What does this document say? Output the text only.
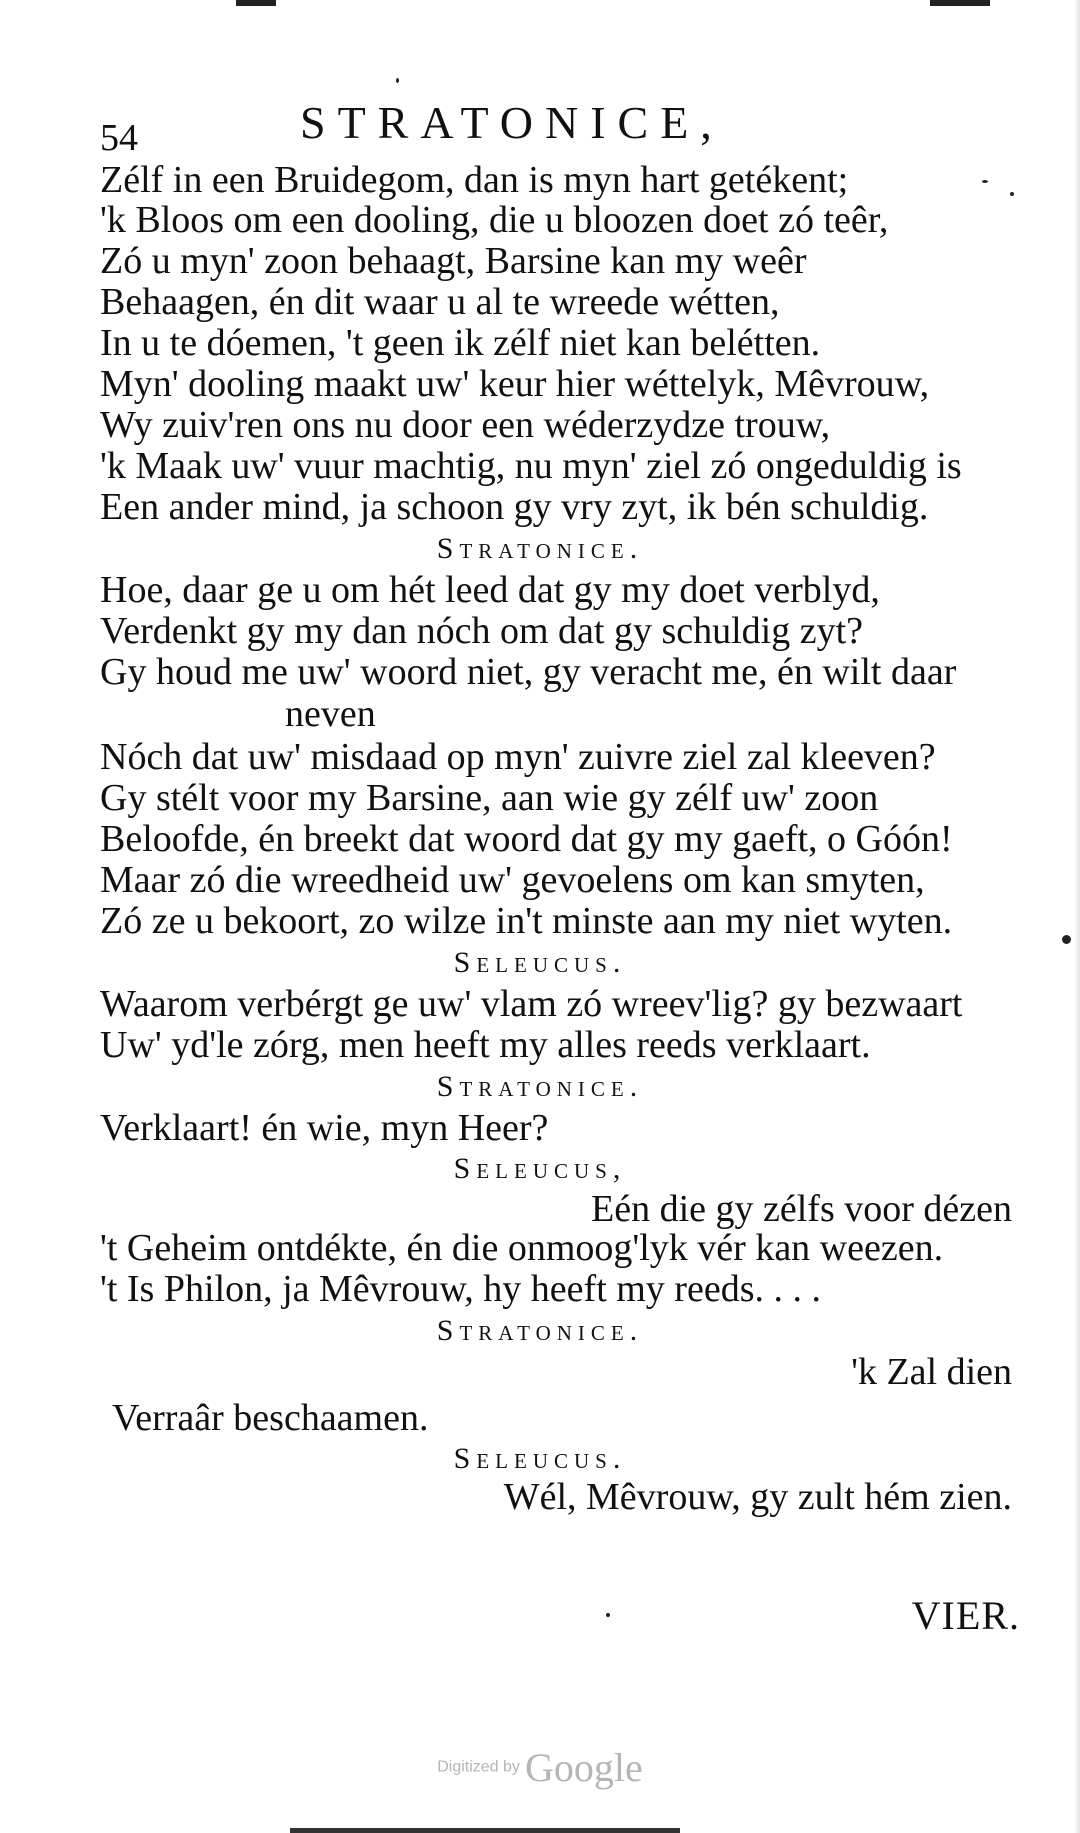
54	STRATONICE,
Zélf in een Bruidegom, dan is myn hart getékent;
'k Bloos om een dooling, die u bloozen doet zó teêr,
Zó u myn' zoon behaagt, Barsine kan my weêr
Behaagen, én dit waar u al te wreede wétten,
In u te dóemen, 't geen ik zélf niet kan belétten.
Myn' dooling maakt uw' keur hier wéttelyk, Mêvrouw,
Wy zuiv'ren ons nu door een wéderzydze trouw,
'k Maak uw' vuur machtig, nu myn' ziel zó ongeduldig is
Een ander mind, ja schoon gy vry zyt, ik bén schuldig.
Stratonice.
Hoe, daar ge u om hét leed dat gy my doet verblyd,
Verdenkt gy my dan nóch om dat gy schuldig zyt?
Gy houd me uw' woord niet, gy veracht me, én wilt daar
neven
Nóch dat uw' misdaad op myn' zuivre ziel zal kleeven?
Gy stélt voor my Barsine, aan wie gy zélf uw' zoon
Beloofde, én breekt dat woord dat gy my gaeft, o Góón!
Maar zó die wreedheid uw' gevoelens om kan smyten,
Zó ze u bekoort, zo wilze in't minste aan my niet wyten.
Seleucus.
Waarom verbérgt ge uw' vlam zó wreev'lig? gy bezwaart
Uw' yd'le zórg, men heeft my alles reeds verklaart.
Stratonice.
Verklaart! én wie, myn Heer?
Seleucus,
Eén die gy zélfs voor dézen
't Geheim ontdékte, én die onmoog'lyk vér kan weezen.
't Is Philon, ja Mêvrouw, hy heeft my reeds. . . .
Stratonice.
'k Zal dien
Verraâr beschaamen.
Seleucus.
Wél, Mêvrouw, gy zult hém zien.
VIER.
Digitized by Google
